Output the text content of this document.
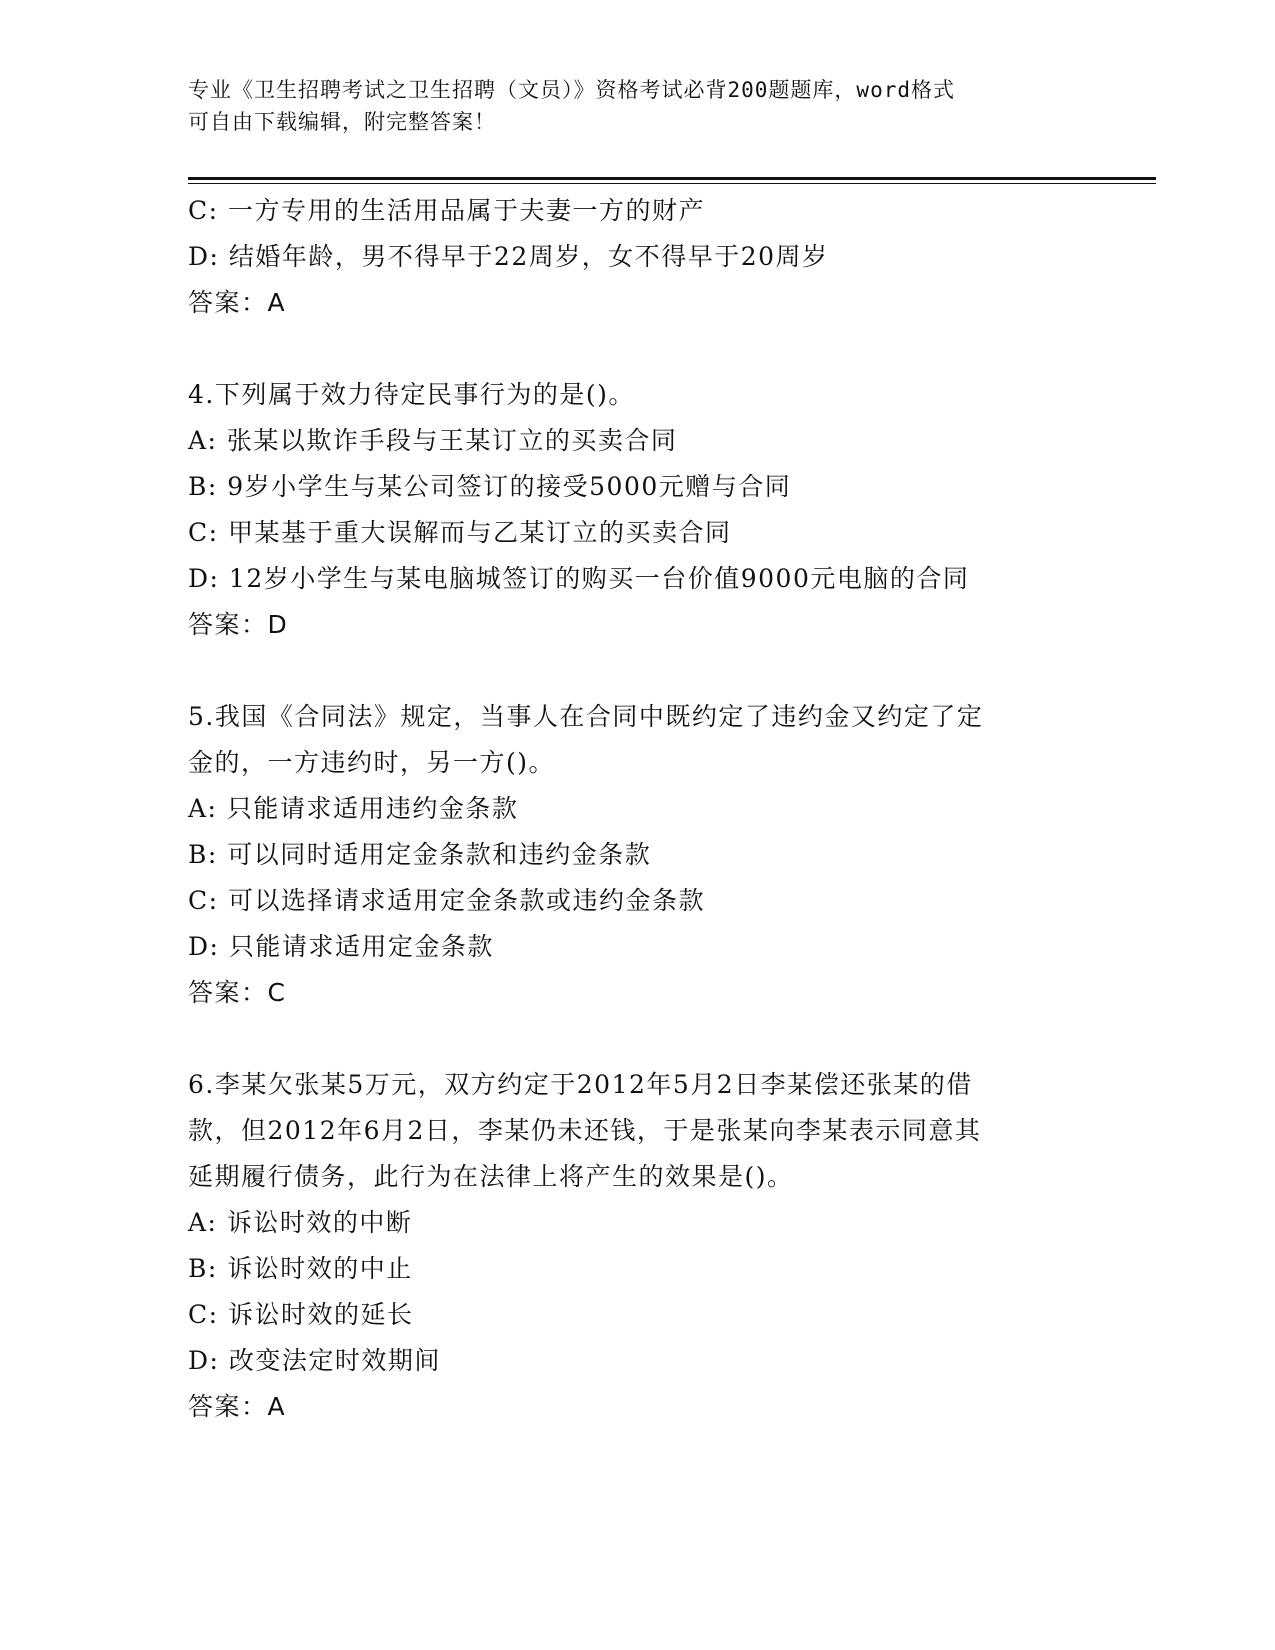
专业《卫生招聘考试之卫生招聘（文员）》资格考试必背200题题库，word格式
可自由下载编辑，附完整答案！
C: 一方专用的生活用品属于夫妻一方的财产
D: 结婚年龄，男不得早于22周岁，女不得早于20周岁
答案：A
4.下列属于效力待定民事行为的是()。
A: 张某以欺诈手段与王某订立的买卖合同
B: 9岁小学生与某公司签订的接受5000元赠与合同
C: 甲某基于重大误解而与乙某订立的买卖合同
D: 12岁小学生与某电脑城签订的购买一台价值9000元电脑的合同
答案：D
5.我国《合同法》规定，当事人在合同中既约定了违约金又约定了定
金的，一方违约时，另一方()。
A: 只能请求适用违约金条款
B: 可以同时适用定金条款和违约金条款
C: 可以选择请求适用定金条款或违约金条款
D: 只能请求适用定金条款
答案：C
6.李某欠张某5万元，双方约定于2012年5月2日李某偿还张某的借
款，但2012年6月2日，李某仍未还钱，于是张某向李某表示同意其
延期履行债务，此行为在法律上将产生的效果是()。
A: 诉讼时效的中断
B: 诉讼时效的中止
C: 诉讼时效的延长
D: 改变法定时效期间
答案：A
